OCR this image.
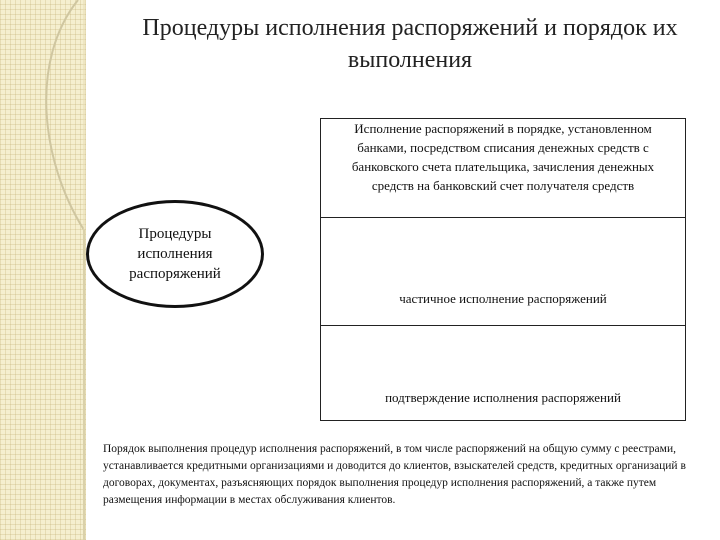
Процедуры исполнения распоряжений и порядок их выполнения
Процедуры
исполнения
распоряжений
Исполнение распоряжений в порядке, установленном банками, посредством списания денежных средств с банковского счета плательщика, зачисления денежных средств на банковский счет получателя средств
частичное исполнение распоряжений
подтверждение исполнения распоряжений
Порядок выполнения процедур исполнения распоряжений, в том числе распоряжений на общую сумму с реестрами, устанавливается кредитными организациями и доводится до клиентов, взыскателей средств, кредитных организаций в договорах, документах, разъясняющих порядок выполнения процедур исполнения распоряжений, а также путем размещения информации в местах обслуживания клиентов.
